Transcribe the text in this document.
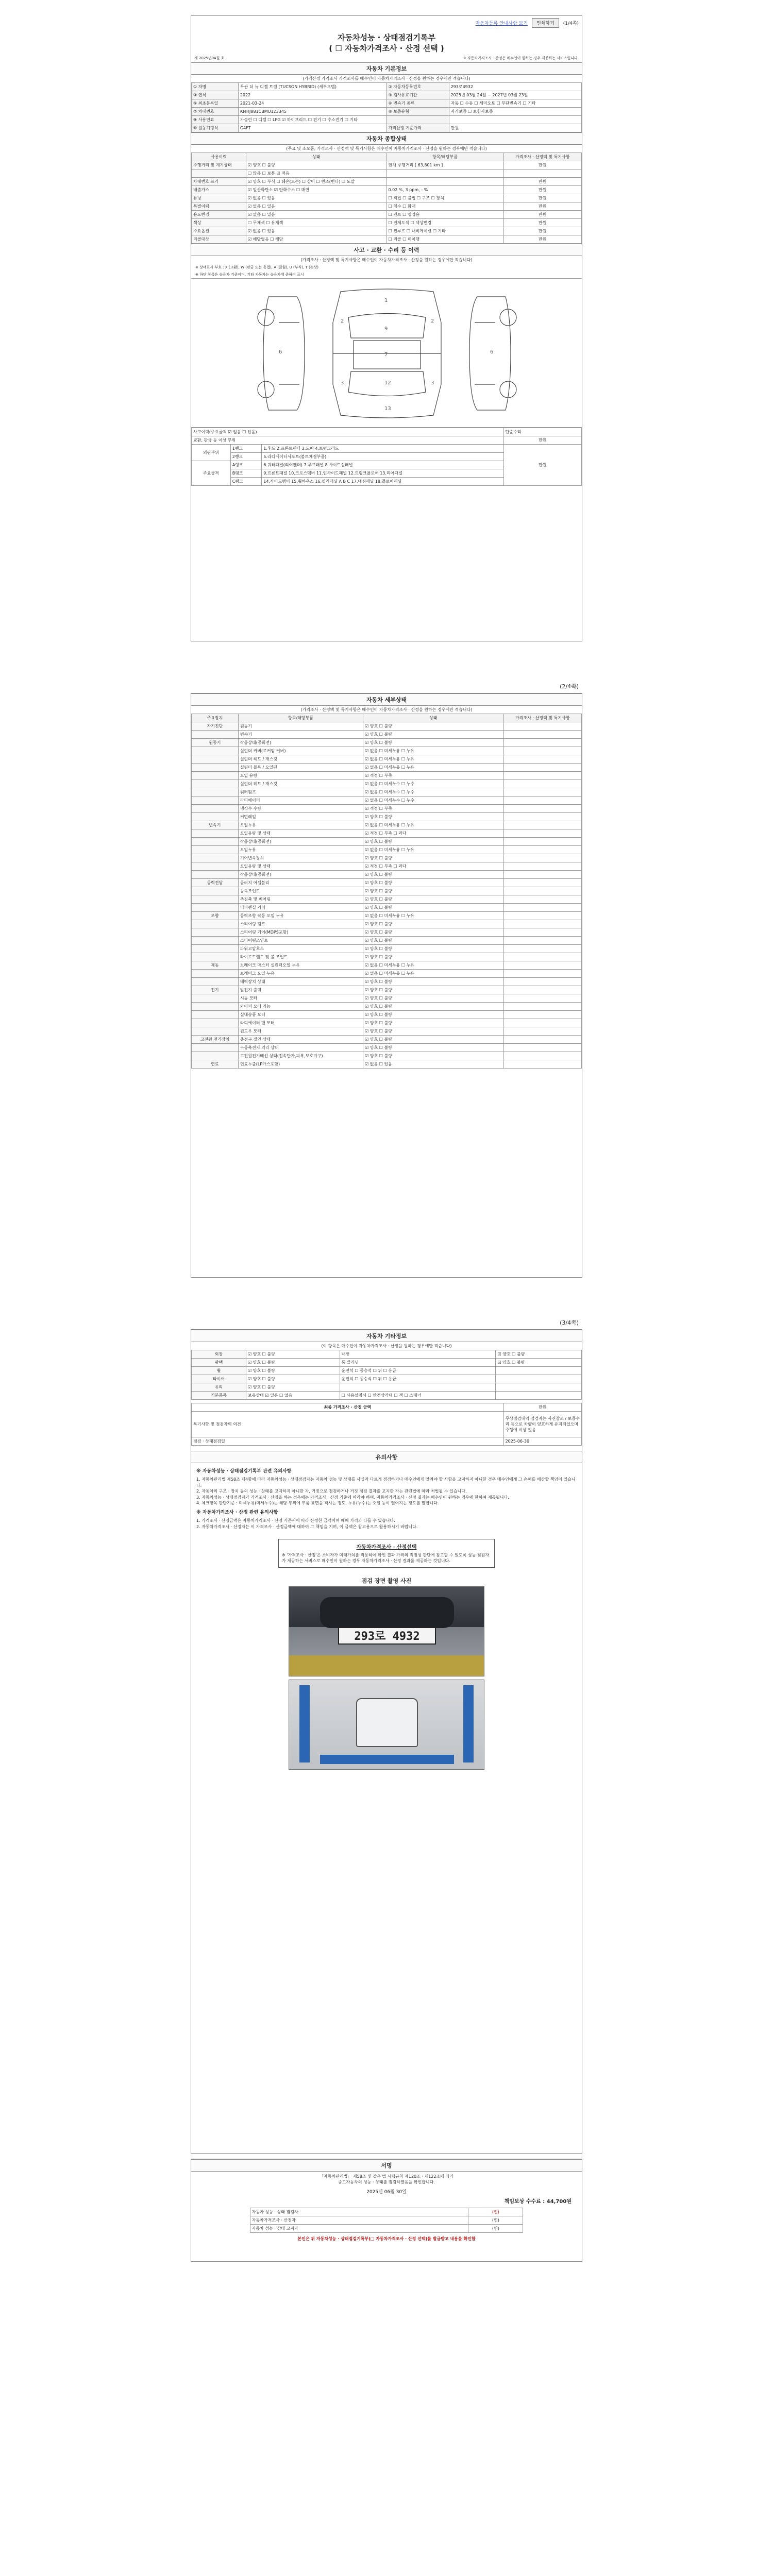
자동차등록 안내사항 보기	인쇄하기	(1/4쪽)
자동차성능 · 상태점검기록부
( ☐ 자동차가격조사 · 산정 선택 )
제 2025년04월 호	※ 자동차가격조사 · 산정은 매수인이 원하는 경우 제공하는 서비스입니다.
자동차 기본정보
(가격산정 가격조사 가격조사를 매수인이 자동차가격조사 · 산정을 원하는 경우에만 적습니다)
① 차명	투싼 더 뉴 디젤 트림 (TUCSON HYBRID) (세부모델)	② 자동차등록번호	293로4932
③ 연식	2022	④ 검사유효기간	2025년 03월 24일 ~ 2027년 03월 23일
⑤ 최초등록일	2021-03-24	⑥ 변속기 종류	자동 ☐ 수동 ☐ 세미오토 ☐ 무단변속기 ☐ 기타
⑦ 차대번호	KMHJ881CBMU123345	⑧ 보증유형	자가보증 ☐ 보험사보증
⑨ 사용연료	가솔린 ☐ 디젤 ☐ LPG ☑ 하이브리드 ☐ 전기 ☐ 수소전기 ☐ 기타		
⑩ 원동기형식	G4FT	가격산정 기준가격	만원
자동차 종합상태
(주요 및 소모품, 가격조사 · 산정액 및 특기사항은 매수인이 자동차가격조사 · 산정을 원하는 경우에만 적습니다)
사용이력	상태	항목/해당부품	가격조사 · 산정액 및 특기사항
주행거리 및 계기상태	☑ 양호 ☐ 불량	현재 주행거리 [ 63,801 km ]	만원
	☐ 많음 ☐ 보통 ☑ 적음		
차대번호 표기	☑ 양호 ☐ 부식 ☐ 훼손(오손) ☐ 상이 ☐ 변조(변타) ☐ 도말		만원
배출가스	☑ 일산화탄소 ☑ 탄화수소 ☐ 매연	0.02 %, 3 ppm, - %	만원
튜닝	☑ 없음 ☐ 있음	☐ 적법 ☐ 불법 ☐ 구조 ☐ 장치	만원
특별이력	☑ 없음 ☐ 있음	☐ 침수 ☐ 화재	만원
용도변경	☑ 없음 ☐ 있음	☐ 렌트 ☐ 영업용	만원
색상	☐ 무채색 ☐ 유채색	☐ 전체도색 ☐ 색상변경	만원
주요옵션	☑ 없음 ☐ 있음	☐ 썬루프 ☐ 내비게이션 ☐ 기타	만원
리콜대상	☑ 해당없음 ☐ 해당	☐ 리콜 ☐ 미이행	만원
사고 · 교환 · 수리 등 이력
(가격조사 · 산정액 및 특기사항은 매수인이 자동차가격조사 · 산정을 원하는 경우에만 적습니다)
※ 상태표시 부호 : X (교환), W (판금 또는 용접), A (긁힘), U (부식), T (손상)
※ 하단 항목은 승용차 기준이며, 기타 자동차는 승용차에 준하여 표시
1
9
7
12
13
6	6
2	2
3	3
사고이력(주요골격 ☑ 없음 ☐ 있음)			단순수리
교환, 판금 등 이상 부위			만원
외판부위	1랭크	1.후드 2.프론트펜더 3.도어 4.트렁크리드	만원
	2랭크	5.라디에이터서포트(볼트체결부품)	
주요골격	A랭크	6.쿼터패널(리어펜더) 7.루프패널 8.사이드실패널	
	B랭크	9.프론트패널 10.크로스멤버 11.인사이드패널 12.트렁크플로어 13.리어패널	
	C랭크	14.사이드멤버 15.휠하우스 16.필러패널 A B C 17.대쉬패널 18.플로어패널	
(2/4쪽)
자동차 세부상태
(가격조사 · 산정액 및 특기사항은 매수인이 자동차가격조사 · 산정을 원하는 경우에만 적습니다)
주요장치	항목/해당부품	상태	가격조사 · 산정액 및 특기사항
자기진단	원동기	☑ 양호 ☐ 불량	
	변속기	☑ 양호 ☐ 불량	
원동기	작동상태(공회전)	☑ 양호 ☐ 불량	
	실린더 커버(로커암 커버)	☑ 없음 ☐ 미세누유 ☐ 누유	
	실린더 헤드 / 개스킷	☑ 없음 ☐ 미세누유 ☐ 누유	
	실린더 블록 / 오일팬	☑ 없음 ☐ 미세누유 ☐ 누유	
	오일 유량	☑ 적정 ☐ 부족	
	실린더 헤드 / 개스킷	☑ 없음 ☐ 미세누수 ☐ 누수	
	워터펌프	☑ 없음 ☐ 미세누수 ☐ 누수	
	라디에이터	☑ 없음 ☐ 미세누수 ☐ 누수	
	냉각수 수량	☑ 적정 ☐ 부족	
	커먼레일	☑ 양호 ☐ 불량	
변속기	오일누유	☑ 없음 ☐ 미세누유 ☐ 누유	
	오일유량 및 상태	☑ 적정 ☐ 부족 ☐ 과다	
	작동상태(공회전)	☑ 양호 ☐ 불량	
	오일누유	☑ 없음 ☐ 미세누유 ☐ 누유	
	기어변속장치	☑ 양호 ☐ 불량	
	오일유량 및 상태	☑ 적정 ☐ 부족 ☐ 과다	
	작동상태(공회전)	☑ 양호 ☐ 불량	
동력전달	클러치 어셈블리	☑ 양호 ☐ 불량	
	등속조인트	☑ 양호 ☐ 불량	
	추진축 및 베어링	☑ 양호 ☐ 불량	
	디퍼렌셜 기어	☑ 양호 ☐ 불량	
조향	동력조향 작동 오일 누유	☑ 없음 ☐ 미세누유 ☐ 누유	
	스티어링 펌프	☑ 양호 ☐ 불량	
	스티어링 기어(MDPS포함)	☑ 양호 ☐ 불량	
	스티어링조인트	☑ 양호 ☐ 불량	
	파워고압호스	☑ 양호 ☐ 불량	
	타이로드엔드 및 볼 조인트	☑ 양호 ☐ 불량	
제동	브레이크 마스터 실린더오일 누유	☑ 없음 ☐ 미세누유 ☐ 누유	
	브레이크 오일 누유	☑ 없음 ☐ 미세누유 ☐ 누유	
	배력장치 상태	☑ 양호 ☐ 불량	
전기	발전기 출력	☑ 양호 ☐ 불량	
	시동 모터	☑ 양호 ☐ 불량	
	와이퍼 모터 기능	☑ 양호 ☐ 불량	
	실내송풍 모터	☑ 양호 ☐ 불량	
	라디에이터 팬 모터	☑ 양호 ☐ 불량	
	윈도우 모터	☑ 양호 ☐ 불량	
고전원 전기장치	충전구 절연 상태	☑ 양호 ☐ 불량	
	구동축전지 격리 상태	☑ 양호 ☐ 불량	
	고전원전기배선 상태(접속단자,피복,보호기구)	☑ 양호 ☐ 불량	
연료	연료누출(LP가스포함)	☑ 없음 ☐ 있음	
(3/4쪽)
자동차 기타정보
(이 항목은 매수인이 자동차가격조사 · 산정을 원하는 경우에만 적습니다)
외장	☑ 양호 ☐ 불량	내장	☑ 양호 ☐ 불량
광택	☑ 양호 ☐ 불량	룸 클리닝	☑ 양호 ☐ 불량
휠	☑ 양호 ☐ 불량	운전석 ☐ 동승석 ☐ 뒤 ☐ 응급	
타이어	☑ 양호 ☐ 불량	운전석 ☐ 동승석 ☐ 뒤 ☐ 응급	
유리	☑ 양호 ☐ 불량		
기본품목	보유상태 ☑ 있음 ☐ 없음	☐ 사용설명서 ☐ 안전삼각대 ☐ 잭 ☐ 스패너	
최종 가격조사 · 산정 금액	만원
특기사항 및 점검자의 의견	무상점검내역 점검자는 사진참조 / 보증수리 등으로 차량이 양호하게 유지되었으며 주행에 이상 없음
점검 · 상태점검일	2025-06-30
유의사항
※ 자동차성능 · 상태점검기록부 관련 유의사항

1. 자동차관리법 제58조 제4항에 따라 자동차성능 · 상태점검자는 자동차 성능 및 상태를 사실과 다르게 점검하거나 매수인에게 알려야 할 사항을 고지하지 아니한 경우 매수인에게 그 손해를 배상할 책임이 있습니다.

2. 자동차의 구조 · 장치 등의 성능 · 상태를 고지하지 아니한 자, 거짓으로 점검하거나 거짓 점검 결과를 고지한 자는 관련법에 따라 처벌될 수 있습니다.

3. 자동차성능 · 상태점검자가 가격조사 · 산정을 하는 경우에는 가격조사 · 산정 기준에 따라야 하며, 자동차가격조사 · 산정 결과는 매수인이 원하는 경우에 한하여 제공됩니다.

4. 체크항목 판단기준 : 미세누유(미세누수)는 해당 부위에 부품 표면을 적시는 정도, 누유(누수)는 오일 등이 떨어지는 정도를 말합니다.

※ 자동차가격조사 · 산정 관련 유의사항

1. 가격조사 · 산정금액은 자동차가격조사 · 산정 기준서에 따라 산정한 금액이며 매매 가격과 다를 수 있습니다.

2. 자동차가격조사 · 산정자는 이 가격조사 · 산정금액에 대하여 그 책임을 지며, 이 금액은 참고용으로 활용하시기 바랍니다.

자동차가격조사 · 산정선택
※ '가격조사 · 산정'은 소비자가 미래가치를 적용하여 확인 결과 가격의 적정성 판단에 참고할 수 있도록 성능 점검자가 제공하는 서비스로 매수인이 원하는 경우 자동차가격조사 · 산정 결과를 제공하는 것입니다.
점검 장면 촬영 사진
293로 4932
서명
「자동차관리법」 제58조 및 같은 법 시행규칙 제120조 · 제122조에 따라
중고자동차의 성능 · 상태를 점검하였음을 확인합니다.
2025년 06월 30일
책임보상 수수료 : 44,700원
자동차 성능 · 상태 점검자	(인)
자동차가격조사 · 산정자	(인)
자동차 성능 · 상태 고지자	(인)
본인은 위 자동차성능 · 상태점검기록부(□ 자동차가격조사 · 산정 선택)를 발급받고 내용을 확인함
